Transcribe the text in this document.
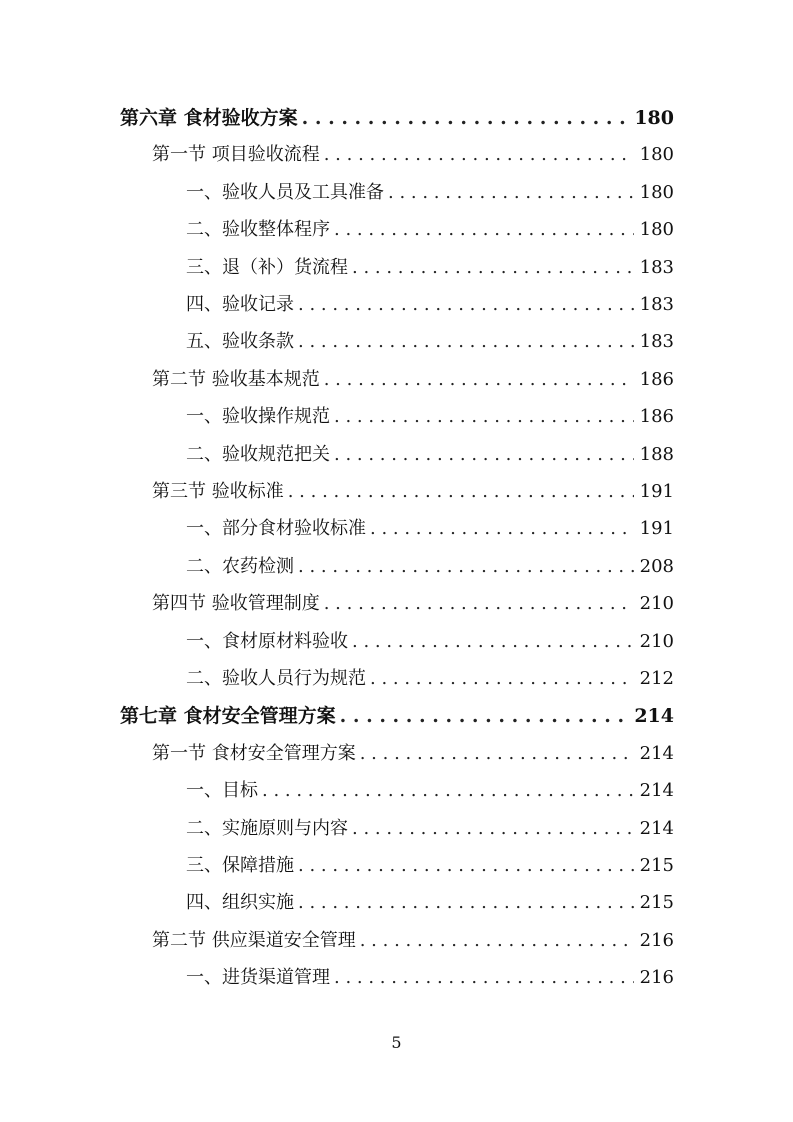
第六章 食材验收方案 . . .	180
第一节 项目验收流程 . . .	180
一、验收人员及工具准备 . . .	180
二、验收整体程序 . . .	180
三、退（补）货流程 . . .	183
四、验收记录 . . .	183
五、验收条款 . . .	183
第二节 验收基本规范 . . .	186
一、验收操作规范 . . .	186
二、验收规范把关 . . .	188
第三节 验收标准 . . .	191
一、部分食材验收标准 . . .	191
二、农药检测 . . .	208
第四节 验收管理制度 . . .	210
一、食材原材料验收 . . .	210
二、验收人员行为规范 . . .	212
第七章 食材安全管理方案 . . .	214
第一节 食材安全管理方案 . . .	214
一、目标 . . .	214
二、实施原则与内容 . . .	214
三、保障措施 . . .	215
四、组织实施 . . .	215
第二节 供应渠道安全管理 . . .	216
一、进货渠道管理 . . .	216
5
